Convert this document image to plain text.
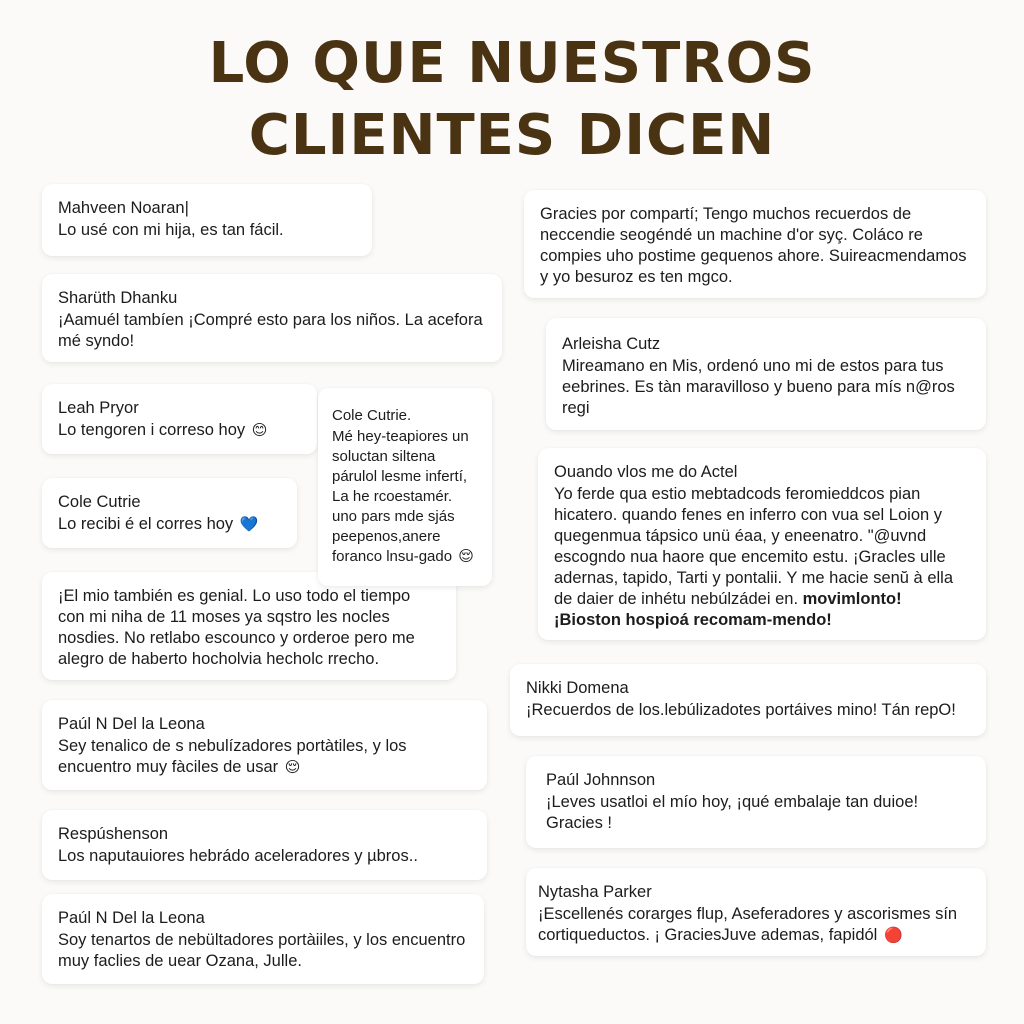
LO QUE NUESTROS
CLIENTES DICEN
Mahveen Noaran|
Lo usé con mi hija, es tan fácil.
Sharüth Dhanku
¡Aamuél tambíen ¡Compré esto para los niños. La acefora mé syndo!
Leah Pryor
Lo tengoren i correso hoy 😊
Cole Cutrie
Lo recibi é el corres hoy 💙
¡El mio también es genial. Lo uso todo el tiempo con mi niha de 11 moses ya sqstro les nocles nosdies. No retlabo escounco y orderoe pero me alegro de haberto hocholvia hecholc rrecho.
Paúl N Del la Leona
Sey tenalico de s nebulízadores portàtiles, y los encuentro muy fàciles de usar 😌
Respúshenson
Los naputauiores hebrádo aceleradores y µbros..
Paúl N Del la Leona
Soy tenartos de nebültadores portàiiles, y los encuentro muy faclies de uear Ozana, Julle.
Cole Cutrie.
Mé hey-teapiores un soluctan siltena párulol lesme infertí, La he rcoestamér. uno pars mde sjás peepenos,anere foranco lnsu-gado 😌
Gracies por compartí; Tengo muchos recuerdos de neccendie seogéndé un machine d'or syç. Coláco re compies uho postime gequenos ahore. Suireacmendamos y yo besuroz es ten mgco.
Arleisha Cutz
Mireamano en Mis, ordenó uno mi de estos para tus eebrines. Es tàn maravilloso y bueno para mís n@ros regi
Ouando vlos me do Actel
Yo ferde qua estio mebtadcods feromieddcos pian hicatero. quando fenes en inferro con vua sel Loion y quegenmua tápsico unü éaa, y eneenatro. "@uvnd escogndo nua haore que encemito estu. ¡Gracles ulle adernas, tapido, Tarti y pontalii. Y me hacie senŭ à ella de daier de inhétu nebúlzádei en. movimlonto! ¡Bioston hospioá recomam-mendo!
Nikki Domena
¡Recuerdos de los.lebúlizadotes portáives mino! Tán repO!
Paúl Johnnson
¡Leves usatloi el mío hoy, ¡qué embalaje tan duioe! Gracies !
Nytasha Parker
¡Escellenés corarges flup, Aseferadores y ascorismes sín cortiqueductos. ¡ GraciesJuve ademas, fapidól 🔴
